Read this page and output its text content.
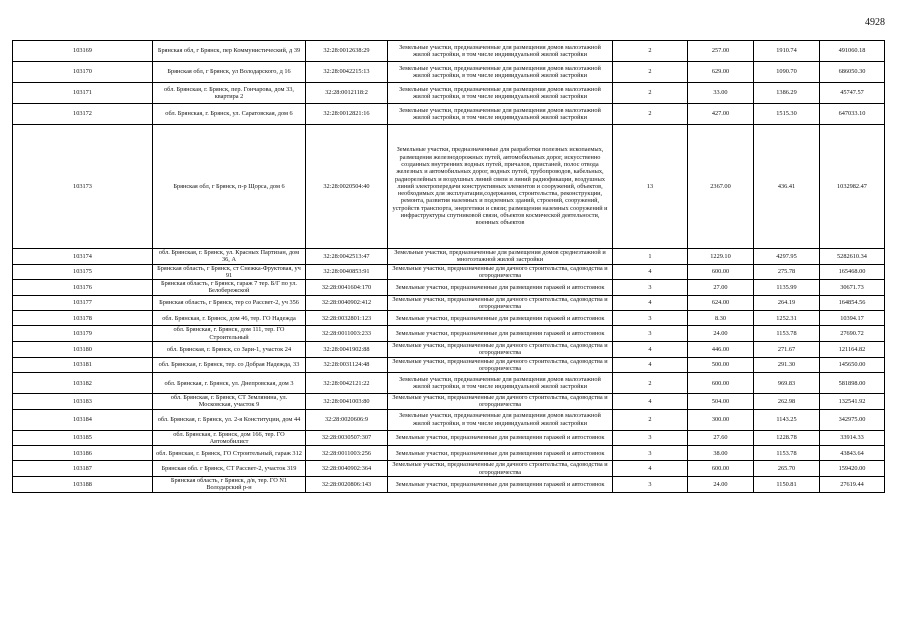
4928
103169	Брянская обл, г Брянск, пер Коммунистический, д 39	32:28:0012638:29	Земельные участки, предназначенные для размещения домов малоэтажной жилой застройки, в том числе индивидуальной жилой застройки	2	257.00	1910.74	491060.18
103170	Брянская обл, г Брянск, ул Володарского, д 16	32:28:0042215:13	Земельные участки, предназначенные для размещения домов малоэтажной жилой застройки, в том числе индивидуальной жилой застройки	2	629.00	1090.70	686050.30
103171	обл. Брянская, г. Брянск, пер. Гончарова, дом 33, квартира 2	32:28:0012118:2	Земельные участки, предназначенные для размещения домов малоэтажной жилой застройки, в том числе индивидуальной жилой застройки	2	33.00	1386.29	45747.57
103172	обл. Брянская, г. Брянск, ул. Саратовская, дом 6	32:28:0012821:16	Земельные участки, предназначенные для размещения домов малоэтажной жилой застройки, в том числе индивидуальной жилой застройки	2	427.00	1515.30	647033.10
103173	Брянская обл, г Брянск, п-р Щорса, дом 6	32:28:0020504:40	Земельные участки, предназначенные для разработки полезных ископаемых, размещения железнодорожных путей, автомобильных дорог, искусственно созданных внутренних водных путей, причалов, пристаней, полос отвода железных и автомобильных дорог, водных путей, трубопроводов, кабельных, радиорелейных и воздушных линий связи и линий радиофикации, воздушных линий электропередачи конструктивных элементов и сооружений, объектов, необходимых для эксплуатации,содержания, строительства, реконструкции, ремонта, развития наземных и подземных зданий, строений, сооружений, устройств транспорта, энергетики и связи; размещения наземных сооружений и инфраструктуры спутниковой связи, объектов космической деятельности, военных объектов	13	2367.00	436.41	1032982.47
103174	обл. Брянская, г. Брянск, ул. Красных Партизан, дом 36, А	32:28:0042513:47	Земельные участки, предназначенные для размещения домов среднеэтажной и многоэтажной жилой застройки	1	1229.10	4297.95	5282610.34
103175	Брянская область, г Брянск, ст Снежка-Фруктовая, уч 91	32:28:0040853:91	Земельные участки, предназначенные для дачного строительства, садоводства и огородничества	4	600.00	275.78	165468.00
103176	Брянская область, г Брянск, гараж 7 тер. Б/Г по ул. Белобережской	32:28:0041604:170	Земельные участки, предназначенные для размещения гаражей и автостоянок	3	27.00	1135.99	30671.73
103177	Брянская область, г Брянск, тер со Рассвет-2, уч 356	32:28:0040902:412	Земельные участки, предназначенные для дачного строительства, садоводства и огородничества	4	624.00	264.19	164854.56
103178	обл. Брянская, г. Брянск, дом 46, тер. ГО Надежда	32:28:0032801:123	Земельные участки, предназначенные для размещения гаражей и автостоянок	3	8.30	1252.31	10394.17
103179	обл. Брянская, г. Брянск, дом 111, тер. ГО Строительный	32:28:0011003:233	Земельные участки, предназначенные для размещения гаражей и автостоянок	3	24.00	1153.78	27690.72
103180	обл. Брянская, г. Брянск, со Зари-1, участок 24	32:28:0041902:88	Земельные участки, предназначенные для дачного строительства, садоводства и огородничества	4	446.00	271.67	121164.82
103181	обл. Брянская, г. Брянск, тер. со Добрая Надежда, 33	32:28:0031124:48	Земельные участки, предназначенные для дачного строительства, садоводства и огородничества	4	500.00	291.30	145650.00
103182	обл. Брянская, г. Брянск, ул. Днепровская, дом 3	32:28:0042121:22	Земельные участки, предназначенные для размещения домов малоэтажной жилой застройки, в том числе индивидуальной жилой застройки	2	600.00	969.83	581898.00
103183	обл. Брянская, г. Брянск, СТ Землянина, ул. Московская, участок 9	32:28:0041003:80	Земельные участки, предназначенные для дачного строительства, садоводства и огородничества	4	504.00	262.98	132541.92
103184	обл. Брянская, г. Брянск, ул. 2-я Конституции, дом 44	32:28:0020606:9	Земельные участки, предназначенные для размещения домов малоэтажной жилой застройки, в том числе индивидуальной жилой застройки	2	300.00	1143.25	342975.00
103185	обл. Брянская, г. Брянск, дом 166, тер. ГО Автомобилист	32:28:0030507:307	Земельные участки, предназначенные для размещения гаражей и автостоянок	3	27.60	1228.78	33914.33
103186	обл. Брянская, г. Брянск, ГО Строительный, гараж 312	32:28:0011003:256	Земельные участки, предназначенные для размещения гаражей и автостоянок	3	38.00	1153.78	43843.64
103187	Брянская обл. г Брянск, СТ Рассвет-2, участок 319	32:28:0040902:364	Земельные участки, предназначенные для дачного строительства, садоводства и огородничества	4	600.00	265.70	159420.00
103188	Брянская область, г Брянск, д/в, тер. ГО N1 Володарский р-н	32:28:0020806:143	Земельные участки, предназначенные для размещения гаражей и автостоянок	3	24.00	1150.81	27619.44
